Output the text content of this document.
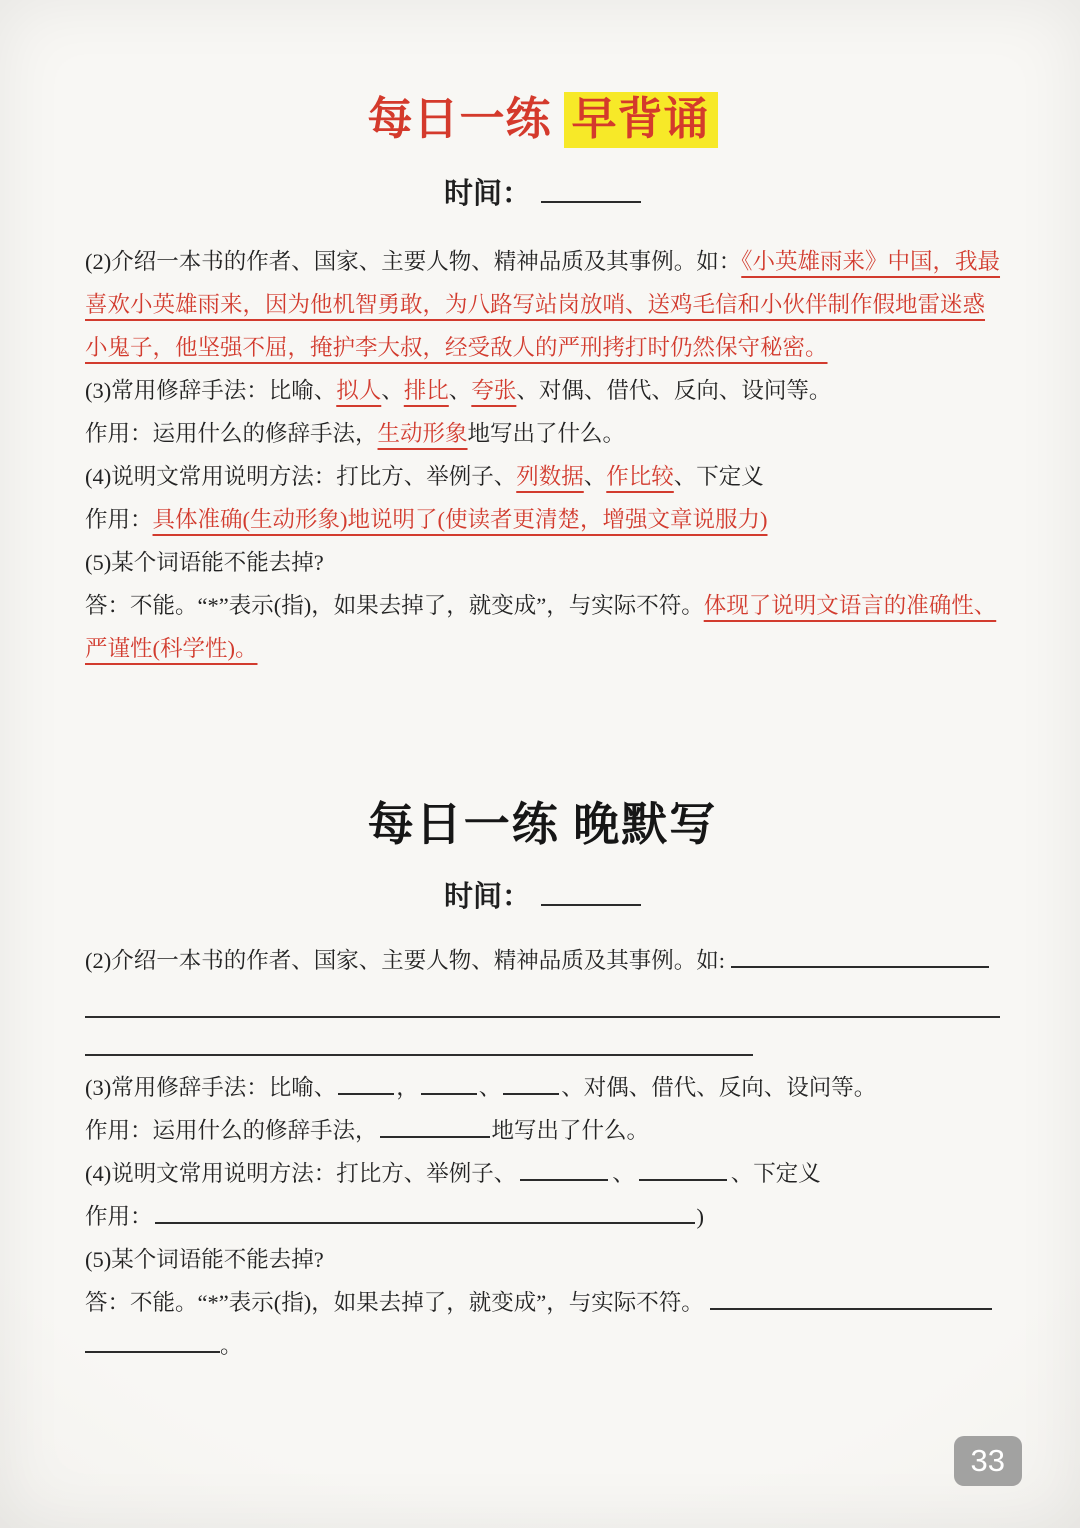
每日一练 早背诵
时间：

(2)介绍一本书的作者、国家、主要人物、精神品质及其事例。如：《小英雄雨来》中国，我最喜欢小英雄雨来，因为他机智勇敢，为八路写站岗放哨、送鸡毛信和小伙伴制作假地雷迷惑小鬼子，他坚强不屈，掩护李大叔，经受敌人的严刑拷打时仍然保守秘密。

(3)常用修辞手法：比喻、拟人、排比、夸张、对偶、借代、反向、设问等。

作用：运用什么的修辞手法，生动形象地写出了什么。

(4)说明文常用说明方法：打比方、举例子、列数据、作比较、下定义

作用：具体准确(生动形象)地说明了(使读者更清楚，增强文章说服力)

(5)某个词语能不能去掉?

答：不能。“*”表示(指)，如果去掉了，就变成”，与实际不符。体现了说明文语言的准确性、严谨性(科学性)。

每日一练 晚默写
时间：

(2)介绍一本书的作者、国家、主要人物、精神品质及其事例。如:

(3)常用修辞手法：比喻、	，	、	、对偶、借代、反向、设问等。

作用：运用什么的修辞手法，	地写出了什么。

(4)说明文常用说明方法：打比方、举例子、	、	、下定义

作用：	)

(5)某个词语能不能去掉?

答：不能。“*”表示(指)，如果去掉了，就变成”，与实际不符。
。

33
